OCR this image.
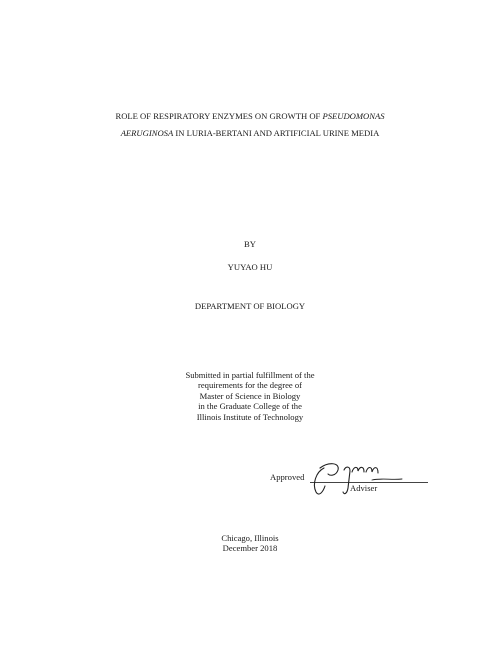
ROLE OF RESPIRATORY ENZYMES ON GROWTH OF PSEUDOMONAS
AERUGINOSA IN LURIA-BERTANI AND ARTIFICIAL URINE MEDIA
BY
YUYAO HU
DEPARTMENT OF BIOLOGY
Submitted in partial fulfillment of the
requirements for the degree of
Master of Science in Biology
in the Graduate College of the
Illinois Institute of Technology
Approved
Adviser
Chicago, Illinois
December 2018
